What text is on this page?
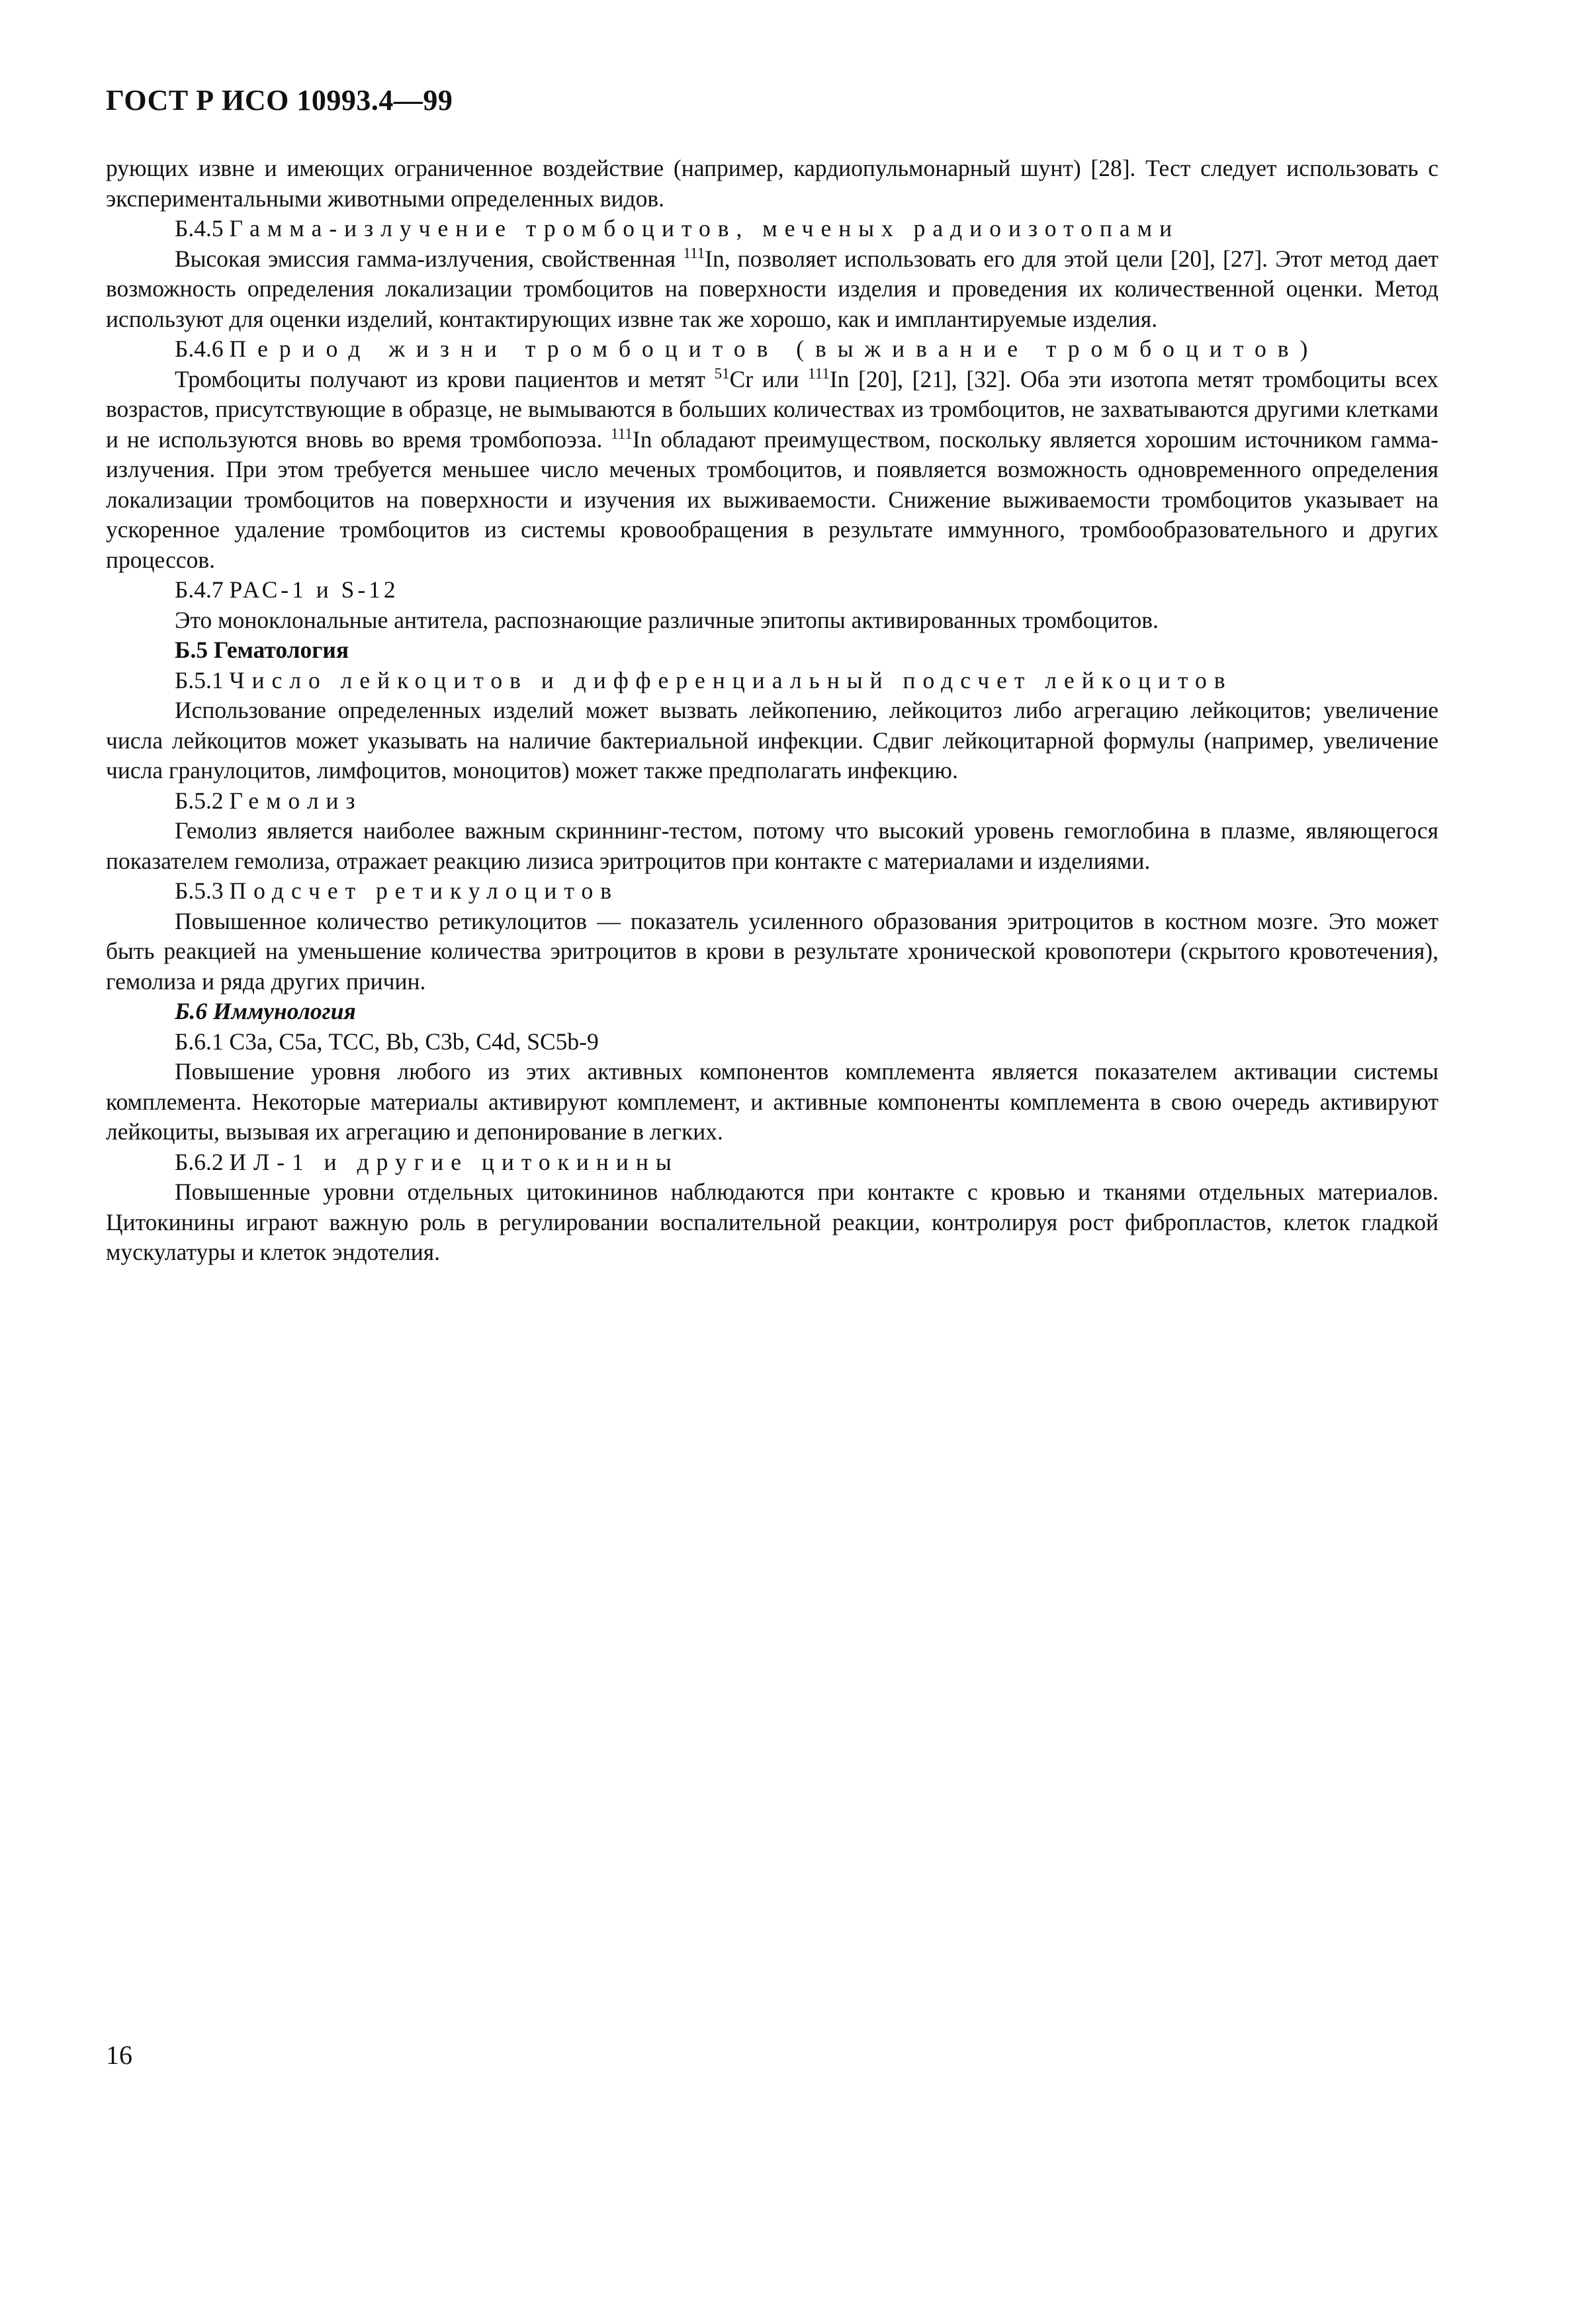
ГОСТ Р ИСО 10993.4—99

рующих извне и имеющих ограниченное воздействие (например, кардиопульмонарный шунт) [28]. Тест следует использовать с экспериментальными животными определенных видов.

Б.4.5 Гамма-излучение тромбоцитов, меченых радиоизотопами

Высокая эмиссия гамма-излучения, свойственная $^{111}$In, позволяет использовать его для этой цели [20], [27]. Этот метод дает возможность определения локализации тромбоцитов на поверхности изделия и проведения их количественной оценки. Метод используют для оценки изделий, контактирующих извне так же хорошо, как и имплантируемые изделия.

Б.4.6 Период жизни тромбоцитов (выживание тромбоцитов)

Тромбоциты получают из крови пациентов и метят $^{51}$Cr или $^{111}$In [20], [21], [32]. Оба эти изотопа метят тромбоциты всех возрастов, присутствующие в образце, не вымываются в больших количествах из тромбоцитов, не захватываются другими клетками и не используются вновь во время тромбопоэза. $^{111}$In обладают преимуществом, поскольку является хорошим источником гамма-излучения. При этом требуется меньшее число меченых тромбоцитов, и появляется возможность одновременного определения локализации тромбоцитов на поверхности и изучения их выживаемости. Снижение выживаемости тромбоцитов указывает на ускоренное удаление тромбоцитов из системы кровообращения в результате иммунного, тромбообразовательного и других процессов.

Б.4.7 РАС-1 и S-12

Это моноклональные антитела, распознающие различные эпитопы активированных тромбоцитов.

Б.5 Гематология

Б.5.1 Число лейкоцитов и дифференциальный подсчет лейкоцитов

Использование определенных изделий может вызвать лейкопению, лейкоцитоз либо агрегацию лейкоцитов; увеличение числа лейкоцитов может указывать на наличие бактериальной инфекции. Сдвиг лейкоцитарной формулы (например, увеличение числа гранулоцитов, лимфоцитов, моноцитов) может также предполагать инфекцию.

Б.5.2 Гемолиз

Гемолиз является наиболее важным скриннинг-тестом, потому что высокий уровень гемоглобина в плазме, являющегося показателем гемолиза, отражает реакцию лизиса эритроцитов при контакте с материалами и изделиями.

Б.5.3 Подсчет ретикулоцитов

Повышенное количество ретикулоцитов — показатель усиленного образования эритроцитов в костном мозге. Это может быть реакцией на уменьшение количества эритроцитов в крови в результате хронической кровопотери (скрытого кровотечения), гемолиза и ряда других причин.

Б.6 Иммунология

Б.6.1 С3а, С5а, ТСС, Вb, С3b, С4d, SC5b-9

Повышение уровня любого из этих активных компонентов комплемента является показателем активации системы комплемента. Некоторые материалы активируют комплемент, и активные компоненты комплемента в свою очередь активируют лейкоциты, вызывая их агрегацию и депонирование в легких.

Б.6.2 ИЛ-1 и другие цитокинины

Повышенные уровни отдельных цитокининов наблюдаются при контакте с кровью и тканями отдельных материалов. Цитокинины играют важную роль в регулировании воспалительной реакции, контролируя рост фибропластов, клеток гладкой мускулатуры и клеток эндотелия.

16
